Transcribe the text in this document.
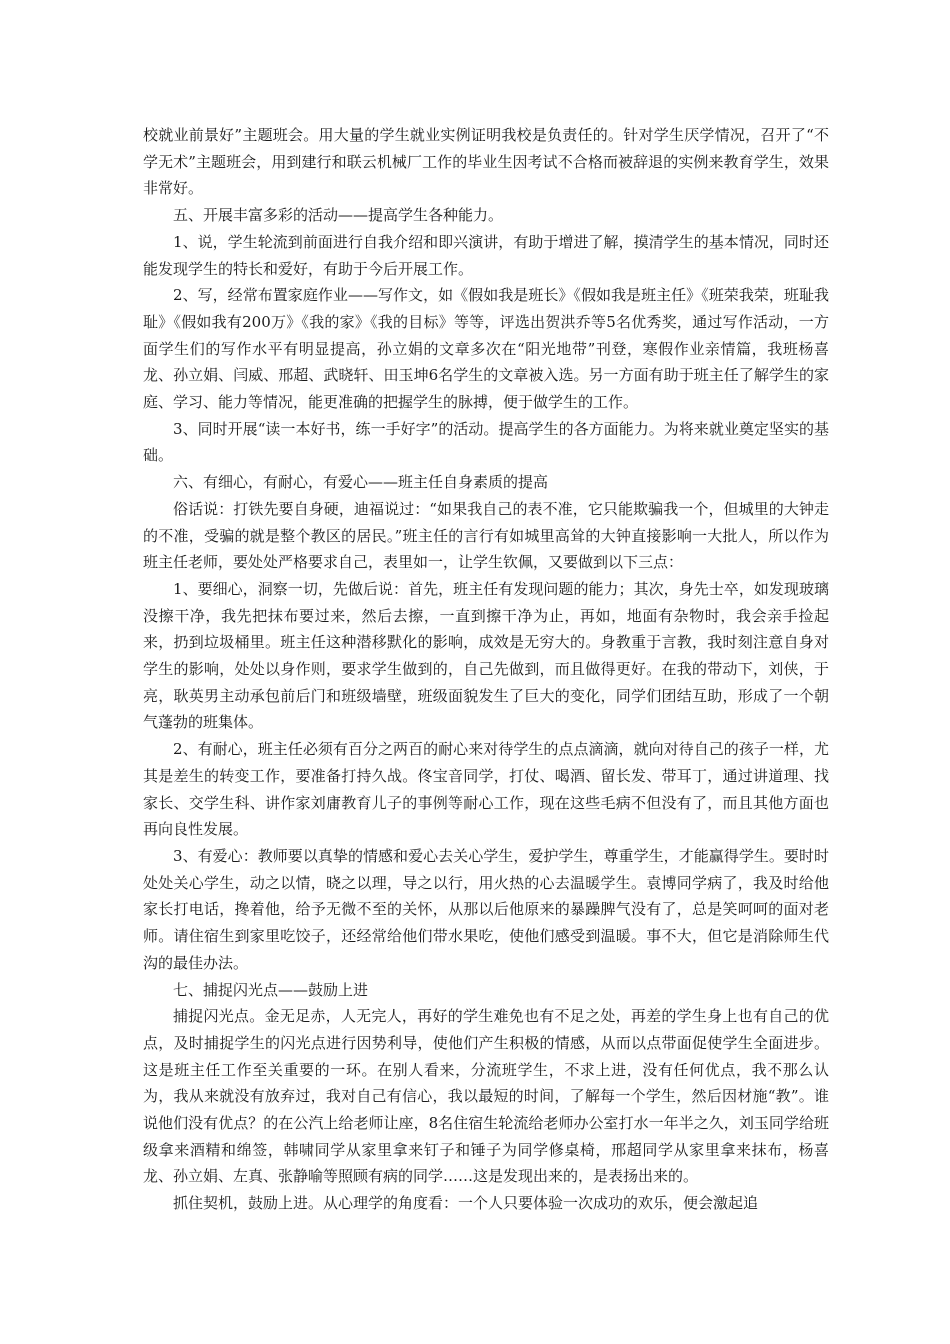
校就业前景好”主题班会。用大量的学生就业实例证明我校是负责任的。针对学生厌学情况，召开了“不学无术”主题班会，用到建行和联云机械厂工作的毕业生因考试不合格而被辞退的实例来教育学生，效果非常好。

五、开展丰富多彩的活动——提高学生各种能力。

1、说，学生轮流到前面进行自我介绍和即兴演讲，有助于增进了解，摸清学生的基本情况，同时还能发现学生的特长和爱好，有助于今后开展工作。

2、写，经常布置家庭作业——写作文，如《假如我是班长》《假如我是班主任》《班荣我荣，班耻我耻》《假如我有200万》《我的家》《我的目标》等等，评选出贺洪乔等5名优秀奖，通过写作活动，一方面学生们的写作水平有明显提高，孙立娟的文章多次在“阳光地带”刊登，寒假作业亲情篇，我班杨喜龙、孙立娟、闫威、邢超、武晓轩、田玉坤6名学生的文章被入选。另一方面有助于班主任了解学生的家庭、学习、能力等情况，能更准确的把握学生的脉搏，便于做学生的工作。

3、同时开展“读一本好书，练一手好字”的活动。提高学生的各方面能力。为将来就业奠定坚实的基础。

六、有细心，有耐心，有爱心——班主任自身素质的提高

俗话说：打铁先要自身硬，迪福说过：“如果我自己的表不准，它只能欺骗我一个，但城里的大钟走的不准，受骗的就是整个教区的居民。”班主任的言行有如城里高耸的大钟直接影响一大批人，所以作为班主任老师，要处处严格要求自己，表里如一，让学生钦佩，又要做到以下三点：

1、要细心，洞察一切，先做后说：首先，班主任有发现问题的能力；其次，身先士卒，如发现玻璃没擦干净，我先把抹布要过来，然后去擦，一直到擦干净为止，再如，地面有杂物时，我会亲手捡起来，扔到垃圾桶里。班主任这种潜移默化的影响，成效是无穷大的。身教重于言教，我时刻注意自身对学生的影响，处处以身作则，要求学生做到的，自己先做到，而且做得更好。在我的带动下，刘侠，于亮，耿英男主动承包前后门和班级墙壁，班级面貌发生了巨大的变化，同学们团结互助，形成了一个朝气蓬勃的班集体。

2、有耐心，班主任必须有百分之两百的耐心来对待学生的点点滴滴，就向对待自己的孩子一样，尤其是差生的转变工作，要准备打持久战。佟宝音同学，打仗、喝酒、留长发、带耳丁，通过讲道理、找家长、交学生科、讲作家刘庸教育儿子的事例等耐心工作，现在这些毛病不但没有了，而且其他方面也再向良性发展。

3、有爱心：教师要以真挚的情感和爱心去关心学生，爱护学生，尊重学生，才能赢得学生。要时时处处关心学生，动之以情，晓之以理，导之以行，用火热的心去温暖学生。袁博同学病了，我及时给他家长打电话，搀着他，给予无微不至的关怀，从那以后他原来的暴躁脾气没有了，总是笑呵呵的面对老师。请住宿生到家里吃饺子，还经常给他们带水果吃，使他们感受到温暖。事不大，但它是消除师生代沟的最佳办法。

七、捕捉闪光点——鼓励上进

捕捉闪光点。金无足赤，人无完人，再好的学生难免也有不足之处，再差的学生身上也有自己的优点，及时捕捉学生的闪光点进行因势利导，使他们产生积极的情感，从而以点带面促使学生全面进步。这是班主任工作至关重要的一环。在别人看来，分流班学生，不求上进，没有任何优点，我不那么认为，我从来就没有放弃过，我对自己有信心，我以最短的时间，了解每一个学生，然后因材施“教”。谁说他们没有优点？的在公汽上给老师让座，8名住宿生轮流给老师办公室打水一年半之久，刘玉同学给班级拿来酒精和绵签，韩啸同学从家里拿来钉子和锤子为同学修桌椅，邢超同学从家里拿来抹布，杨喜龙、孙立娟、左真、张静喻等照顾有病的同学……这是发现出来的，是表扬出来的。

抓住契机，鼓励上进。从心理学的角度看：一个人只要体验一次成功的欢乐，便会激起追
